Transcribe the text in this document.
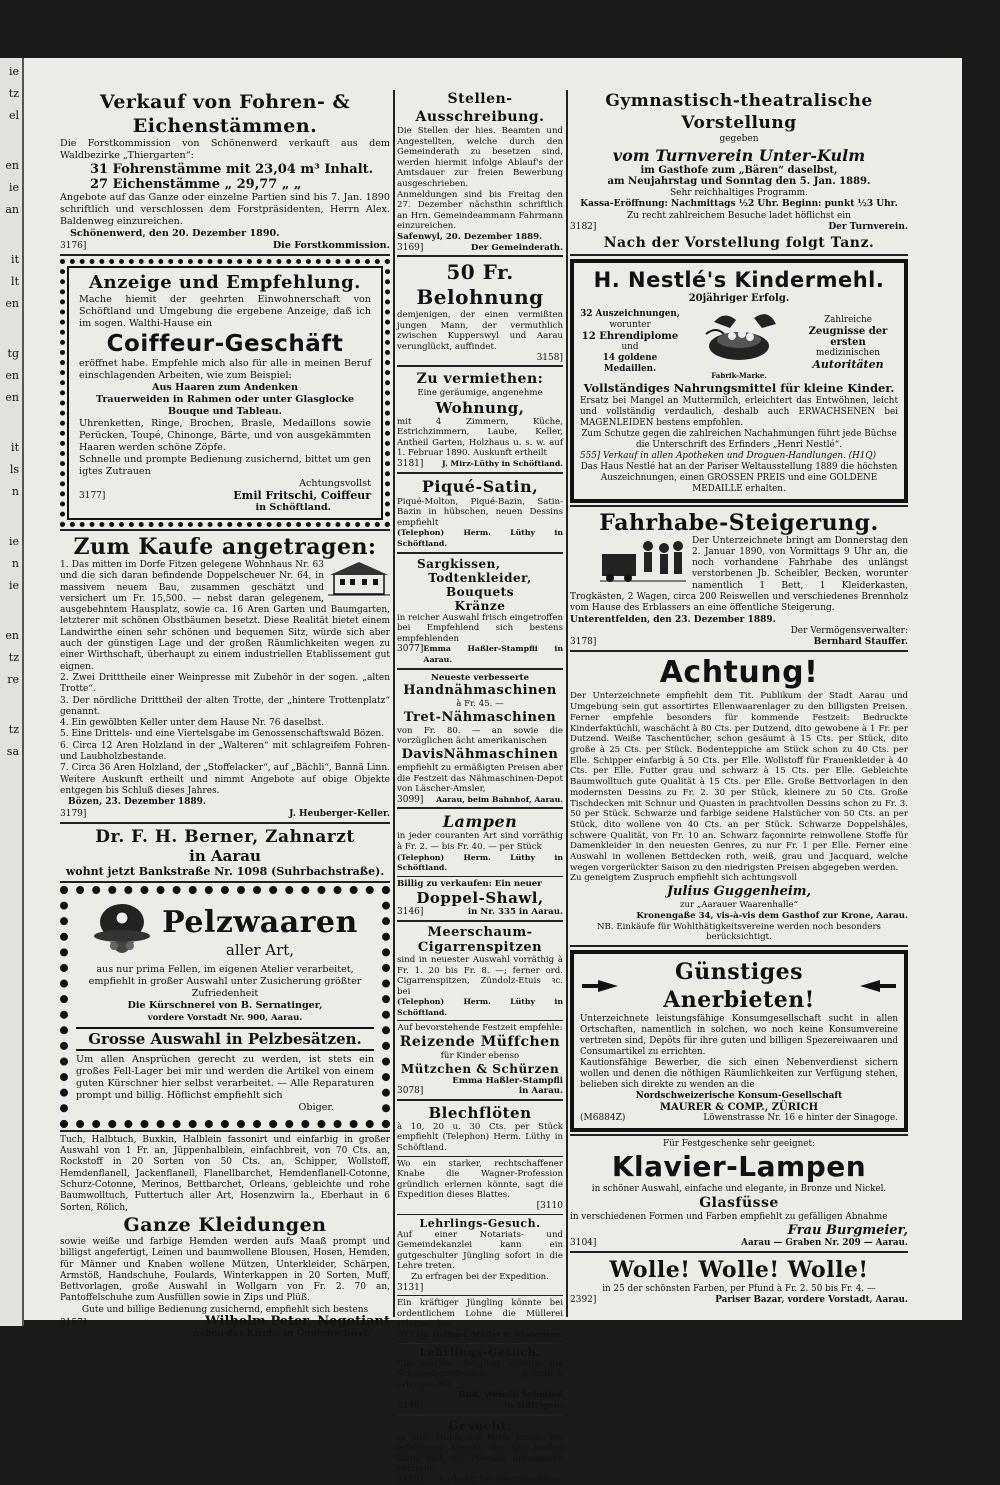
ie
tz
el
en
ie
an
it
lt
en
tg
en
en
it
ls
n
ie
n
ie
en
tz
re
tz
sa
Verkauf von Fohren- & Eichenstämmen.
Die Forstkommission von Schönenwerd verkauft aus dem Waldbezirke „Thiergarten“:
31 Fohrenstämme mit 23,04 m³ Inhalt.
27 Eichenstämme „ 29,77 „ „
Angebote auf das Ganze oder einzelne Partien sind bis 7. Jan. 1890 schriftlich und verschlossen dem Forstpräsidenten, Herrn Alex. Baldenweg einzureichen.
Schönenwerd, den 20. Dezember 1890.
3176]	Die Forstkommission.
Anzeige und Empfehlung.
Mache hiemit der geehrten Einwohnerschaft von Schöftland und Umgebung die ergebene Anzeige, daß ich im sogen. Walthi-Hause ein
Coiffeur-Geschäft
eröffnet habe. Empfehle mich also für alle in meinen Beruf einschlagenden Arbeiten, wie zum Beispiel:
Aus Haaren zum Andenken
Trauerweiden in Rahmen oder unter Glasglocke
Bouque und Tableau.
Uhrenketten, Ringe, Brochen, Brasle, Medaillons sowie Perücken, Toupé, Chinonge, Bärte, und von ausgekämmten Haaren werden schöne Zöpfe.
Schnelle und prompte Bedienung zusichernd, bittet um gen igtes Zutrauen
Achtungsvollst
3177]	Emil Fritschi, Coiffeur
in Schöftland.
Zum Kaufe angetragen:
1. Das mitten im Dorfe Fitzen gelegene Wohnhaus Nr. 63 und die sich daran befindende Doppelscheuer Nr. 64, in massivem neuem Bau, zusammen geschätzt und versichert um Fr. 15,500. — nebst daran gelegenem, ausgebehntem Hausplatz, sowie ca. 16 Aren Garten und Baumgarten, letzterer mit schönen Obstbäumen besetzt. Diese Realität bietet einem Landwirthe einen sehr schönen und bequemen Sitz, würde sich aber auch der günstigen Lage und der großen Räumlichkeiten wegen zu einer Wirthschaft, überhaupt zu einem industriellen Etablissement gut eignen.
2. Zwei Dritttheile einer Weinpresse mit Zubehör in der sogen. „alten Trotte“.
3. Der nördliche Dritttheil der alten Trotte, der „hintere Trottenplatz“ genannt.
4. Ein gewölbten Keller unter dem Hause Nr. 76 daselbst.
5. Eine Drittels- und eine Viertelsgabe im Genossenschaftswald Bözen.
6. Circa 12 Aren Holzland in der „Walteren“ mit schlagreifem Fohren- und Laubholzbestande.
7. Circa 36 Aren Holzland, der „Stoffelacker“, auf „Bächli“, Bannä Linn. Weitere Auskunft ertheilt und nimmt Angebote auf obige Objekte entgegen bis Schluß dieses Jahres.
Bözen, 23. Dezember 1889.
3179]	J. Heuberger-Keller.
Dr. F. H. Berner, Zahnarzt
in Aarau
wohnt jetzt Bankstraße Nr. 1098 (Suhrbachstraße).
Pelzwaaren
aller Art,
aus nur prima Fellen, im eigenen Atelier verarbeitet, empfiehlt in großer Auswahl unter Zusicherung größter Zufriedenheit
Die Kürschnerei von B. Sernatinger,
vordere Vorstadt Nr. 900, Aarau.
Grosse Auswahl in Pelzbesätzen.
Um allen Ansprüchen gerecht zu werden, ist stets ein großes Fell-Lager bei mir und werden die Artikel von einem guten Kürschner hier selbst verarbeitet. — Alle Reparaturen prompt und billig. Höflichst empfiehlt sich
Obiger.
Tuch, Halbtuch, Buxkin, Halblein fassonirt und einfarbig in großer Auswahl von 1 Fr. an, Jüppenhalblein, einfachbreit, von 70 Cts. an, Rockstoff in 20 Sorten von 50 Cts. an, Schipper, Wollstoff, Hemdenflanell, Jackenflanell, Flanellbarchet, Hemdenflanell-Cotonne, Schurz-Cotonne, Merinos, Bettbarchet, Orleans, gebleichte und rohe Baumwolltuch, Futtertuch aller Art, Hosenzwirn la., Eberhaut in 6 Sorten, Rölich,
Ganze Kleidungen
sowie weiße und farbige Hemden werden aufs Maaß prompt und billigst angefertigt, Leinen und baumwollene Blousen, Hosen, Hemden, für Männer und Knaben wollene Mützen, Unterkleider, Schärpen, Armstöß, Handschuhe, Foulards, Winterkappen in 20 Sorten, Muff, Bettvorlagen, große Auswahl in Wollgarn von Fr. 2. 70 an, Pantoffelschuhe zum Ausfüllen sowie in Zips und Plüß.
Gute und billige Bedienung zusichernd, empfiehlt sich bestens
3157]	Wilhelm Peter, Negotiant
neben der Kirche in Gontenschwyl.
Stellen-Ausschreibung.
Die Stellen der hies. Beamten und Angestellten, welche durch den Gemeinderath zu besetzen sind, werden hiermit infolge Ablauf's der Amtsdauer zur freien Bewerbung ausgeschrieben.
Anmeldungen sind bis Freitag den 27. Dezember nächsthin schriftlich an Hrn. Gemeindeammann Fahrmann einzureichen.
Safenwyl, 20. Dezember 1889.
3169]	Der Gemeinderath.
50 Fr. Belohnung
demjenigen, der einen vermißten jungen Mann, der vermuthlich zwischen Kupperswyl und Aarau verunglückt, auffindet.
3158]
Zu vermiethen:
Eine geräumige, angenehme
Wohnung,
mit 4 Zimmern, Küche, Estrichzimmern, Laube, Keller, Antheil Garten, Holzhaus u. s. w. auf 1. Februar 1890. Auskunft ertheilt
3181] J. Mirz-Lüthy in Schöftland.
Piqué-Satin,
Piqué-Molton, Piqué-Bazin, Satin-Bazin in hübschen, neuen Dessins empfiehlt
(Telephon) Herm. Lüthy in Schöftland.
Sargkissen,
Todtenkleider,
Bouquets
Kränze
in reicher Auswahl frisch eingetroffen bei Empfehlend sich bestens empfehlenden
3077] Emma Haßler-Stampfli in Aarau.
Neueste verbesserte
Handnähmaschinen
à Fr. 45. —
Tret-Nähmaschinen
von Fr. 80. — an sowie die vorzüglichen ächt amerikanischen
DavisNähmaschinen
empfiehlt zu ermäßigten Preisen aber die Festzeit das Nähmaschinen-Depot von Läscher-Amsler,
3099] Aarau, beim Bahnhof, Aarau.
Lampen
in jeder couranten Art sind vorräthig à Fr. 2. — bis Fr. 40. — per Stück
(Telephon) Herm. Lüthy in Schöftland.
Billig zu verkaufen: Ein neuer
Doppel-Shawl,
3146]	in Nr. 335 in Aarau.
Meerschaum-
Cigarrenspitzen
sind in neuester Auswahl vorräthig à Fr. 1. 20 bis Fr. 8. —; ferner ord. Cigarrenspitzen, Zündolz-Etuis ꝛc. bei
(Telephon) Herm. Lüthy in Schöftland.
Auf bevorstehende Festzeit empfehle:
Reizende Müffchen
für Kinder ebenso
Mützchen & Schürzen
Emma Haßler-Stampfli
3078]	in Aarau.
Blechflöten
à 10, 20 u. 30 Cts. per Stück empfiehlt (Telephon) Herm. Lüthy in Schöftland.
Wo ein starker, rechtschaffener Knabe die Wagner-Profession gründlich erlernen könnte, sagt die Expedition dieses Blattes.
[3110
Lehrlings-Gesuch.
Auf einer Notariats- und Gemeindekanzlei kann ein gutgeschulter Jüngling sofort in die Lehre treten.
Zu erfragen bei der Expedition.
3131]
Ein kräftiger Jüngling könnte bei ordentlichem Lohne die Müllerei erlernen bei
3112] J. Holliger, Müller in Niederlenz.
Lehrlings-Gesuch.
Ein starker Jüngling könnte die Schmiedeprofession gründlich erlernen bei
Rud. Wehrli, Schmied
3148]	in Hüttigen.
Gesucht:
In eine Mühle auf Mitte Januar ein erfahrener Knecht, der gut mellen kann und mit Pferden umzugehen versteht.
3159] Auskunft bei der Expedition.
Gymnastisch-theatralische Vorstellung
gegeben
vom Turnverein Unter-Kulm
im Gasthofe zum „Bären“ daselbst,
am Neujahrstag und Sonntag den 5. Jan. 1889.
Sehr reichhaltiges Programm.
Kassa-Eröffnung: Nachmittags ½2 Uhr. Beginn: punkt ½3 Uhr.
Zu recht zahlreichem Besuche ladet höflichst ein
3182]	Der Turnverein.
Nach der Vorstellung folgt Tanz.
H. Nestlé's Kindermehl.
20jähriger Erfolg.
32 Auszeichnungen,
worunter
12 Ehrendiplome
und
14 goldene Medaillen.
Fabrik-Marke.
Zahlreiche
Zeugnisse der ersten
medizinischen
Autoritäten
Vollständiges Nahrungsmittel für kleine Kinder.
Ersatz bei Mangel an Muttermilch, erleichtert das Entwöhnen, leicht und vollständig verdaulich, deshalb auch ERWACHSENEN bei MAGENLEIDEN bestens empfohlen.
Zum Schutze gegen die zahlreichen Nachahmungen führt jede Büchse die Unterschrift des Erfinders „Henri Nestlé“.
555] Verkauf in allen Apotheken und Droguen-Handlungen. (H1Q)
Das Haus Nestlé hat an der Pariser Weltausstellung 1889 die höchsten Auszeichnungen, einen GROSSEN PREIS und eine GOLDENE MEDAILLE erhalten.
Fahrhabe-Steigerung.
Der Unterzeichnete bringt am Donnerstag den 2. Januar 1890, von Vormittags 9 Uhr an, die noch vorhandene Fahrhabe des unlängst verstorbenen Jb. Scheibler, Becken, worunter namentlich 1 Bett, 1 Kleiderkasten, Trogkästen, 2 Wagen, circa 200 Reiswellen und verschiedenes Brennholz vom Hause des Erblassers an eine öffentliche Steigerung.
Unterentfelden, den 23. Dezember 1889.
Der Vermögensverwalter:
3178]	Bernhard Stauffer.
Achtung!
Der Unterzeichnete empfiehlt dem Tit. Publikum der Stadt Aarau und Umgebung sein gut assortirtes Ellenwaarenlager zu den billigsten Preisen. Ferner empfehle besonders für kommende Festzeit: Bedruckte Kinderfaktüchli, waschächt à 80 Cts. per Dutzend, dito gewobene à 1 Fr. per Dutzend. Weiße Taschentücher, schon gesäumt à 15 Cts. per Stück, dito große à 25 Cts. per Stück. Bodenteppiche am Stück schon zu 40 Cts. per Elle. Schipper einfarbig à 50 Cts. per Elle. Wollstoff für Frauenkleider à 40 Cts. per Elle. Futter grau und schwarz à 15 Cts. per Elle. Gebleichte Baumwolltuch gute Qualität à 15 Cts. per Elle. Große Bettvorlagen in den modernsten Dessins zu Fr. 2. 30 per Stück, kleinere zu 50 Cts. Große Tischdecken mit Schnur und Quasten in prachtvollen Dessins schon zu Fr. 3. 50 per Stück. Schwarze und farbige seidene Halstücher von 50 Cts. an per Stück, dito wollene von 40 Cts. an per Stück. Schwarze Doppelshâles, schwere Qualität, von Fr. 10 an. Schwarz façonnirte reinwollene Stoffe für Damenkleider in den neuesten Genres, zu nur Fr. 1 per Elle. Ferner eine Auswahl in wollenen Bettdecken roth, weiß, grau und Jacquard, welche wegen vorgerückter Saison zu den niedrigsten Preisen abgegeben werden.
Zu geneigtem Zuspruch empfiehlt sich achtungsvoll
Julius Guggenheim,
zur „Aarauer Waarenhalle“
Kronengaße 34, vis-à-vis dem Gasthof zur Krone, Aarau.
NB. Einkäufe für Wohlthätigkeitsvereine werden noch besonders berücksichtigt.
Günstiges Anerbieten!
Unterzeichnete leistungsfähige Konsumgesellschaft sucht in allen Ortschaften, namentlich in solchen, wo noch keine Konsumvereine vertreten sind, Depôts für ihre guten und billigen Spezereiwaaren und Consumartikel zu errichten.
Kautionsfähige Bewerber, die sich einen Nebenverdienst sichern wollen und denen die nöthigen Räumlichkeiten zur Verfügung stehen, belieben sich direkte zu wenden an die
Nordschweizerische Konsum-Gesellschaft
MAURER & COMP., ZÜRICH
(M6884Z)	Löwenstrasse Nr. 16 e hinter der Sinagoge.
Für Festgeschenke sehr geeignet:
Klavier-Lampen
in schöner Auswahl, einfache und elegante, in Bronze und Nickel.
Glasfüsse
in verschiedenen Formen und Farben empfiehlt zu gefälligen Abnahme
Frau Burgmeier,
3104]	Aarau — Graben Nr. 209 — Aarau.
Wolle! Wolle! Wolle!
in 25 der schönsten Farben, per Pfund à Fr. 2. 50 bis Fr. 4. —
2392]	Pariser Bazar, vordere Vorstadt, Aarau.
